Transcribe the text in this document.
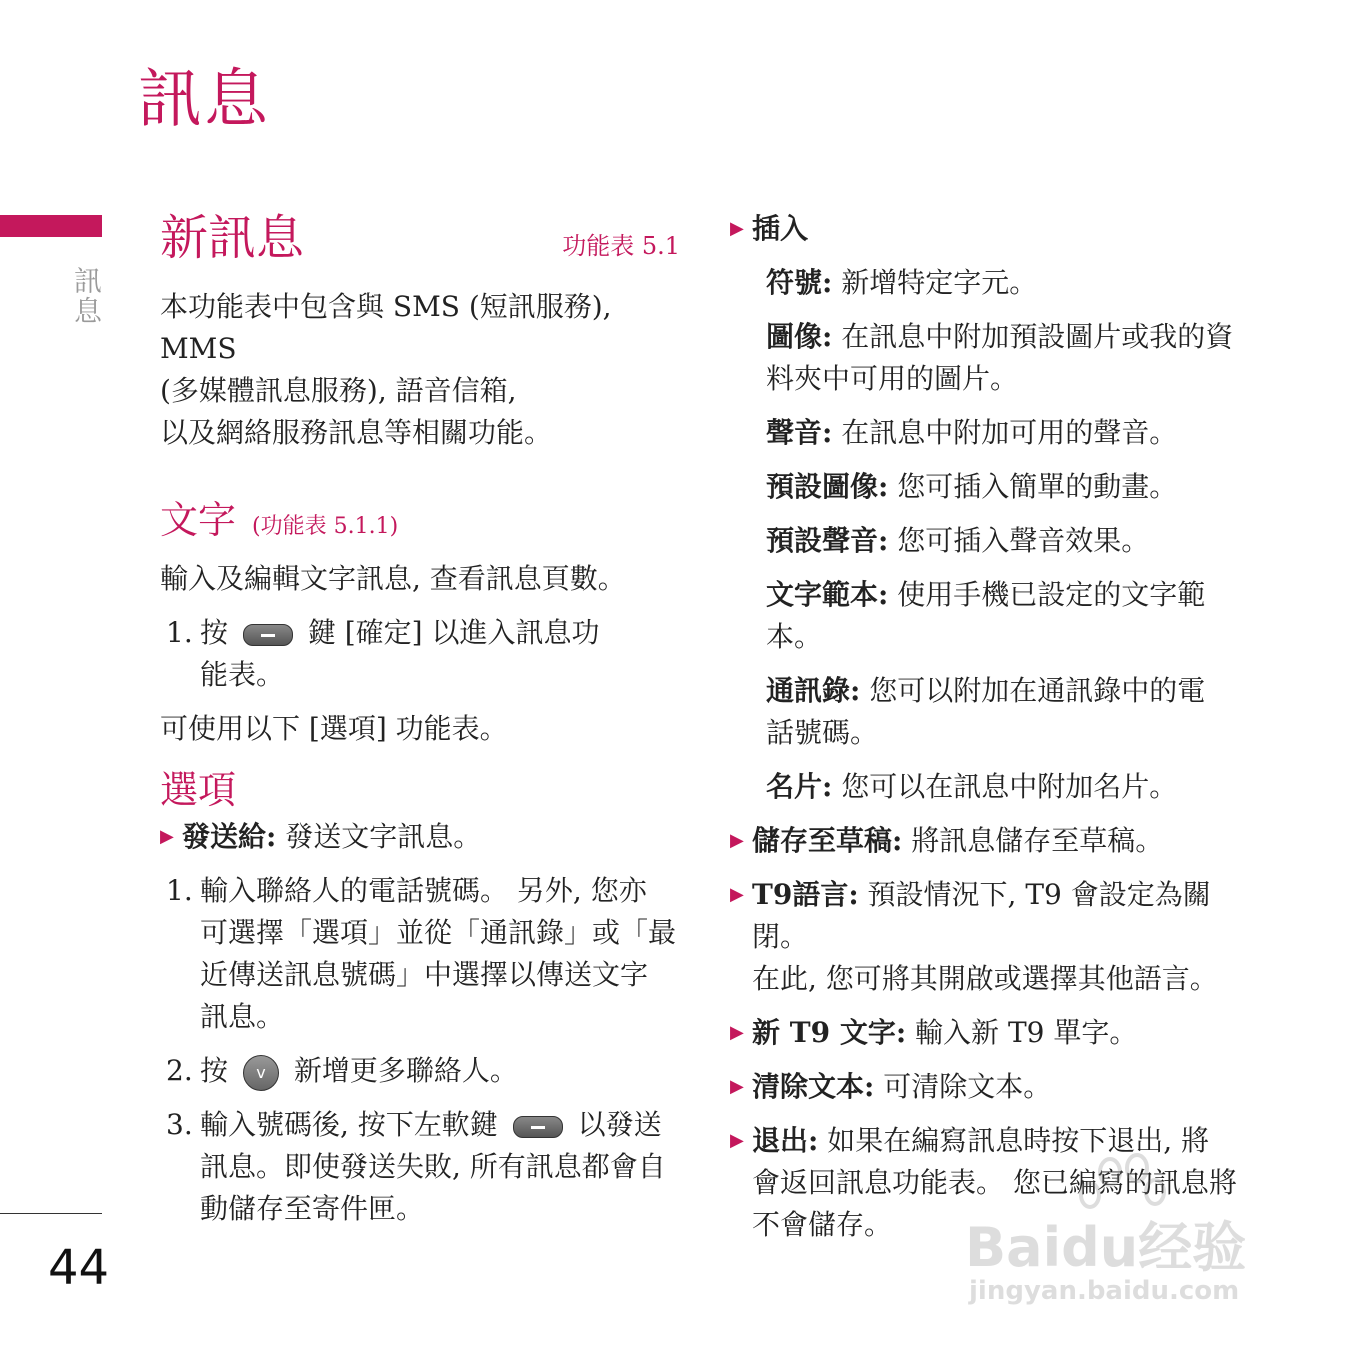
訊息
訊息
44
新訊息	功能表 5.1

本功能表中包含與 SMS (短訊服務), MMS

(多媒體訊息服務), 語音信箱,

以及網絡服務訊息等相關功能。

文字 (功能表 5.1.1)

輸入及編輯文字訊息, 查看訊息頁數。

1. 按	鍵 [確定] 以進入訊息功
能表。

可使用以下 [選項] 功能表。

選項

▶ 發送給: 發送文字訊息。
1. 輸入聯絡人的電話號碼。 另外, 您亦
可選擇「選項」並從「通訊錄」或「最
近傳送訊息號碼」中選擇以傳送文字
訊息。
2. 按 v 新增更多聯絡人。
3. 輸入號碼後, 按下左軟鍵	以發送
訊息。即使發送失敗, 所有訊息都會自
動儲存至寄件匣。
▶ 插入
符號: 新增特定字元。
圖像: 在訊息中附加預設圖片或我的資
料夾中可用的圖片。
聲音: 在訊息中附加可用的聲音。
預設圖像: 您可插入簡單的動畫。
預設聲音: 您可插入聲音效果。
文字範本: 使用手機已設定的文字範
本。
通訊錄: 您可以附加在通訊錄中的電
話號碼。
名片: 您可以在訊息中附加名片。
▶ 儲存至草稿: 將訊息儲存至草稿。
▶ T9語言: 預設情況下, T9 會設定為關閉。
在此, 您可將其開啟或選擇其他語言。
▶ 新 T9 文字: 輸入新 T9 單字。
▶ 清除文本: 可清除文本。
▶ 退出: 如果在編寫訊息時按下退出, 將
會返回訊息功能表。 您已編寫的訊息將
不會儲存。	Baidu经验
jingyan.baidu.com
